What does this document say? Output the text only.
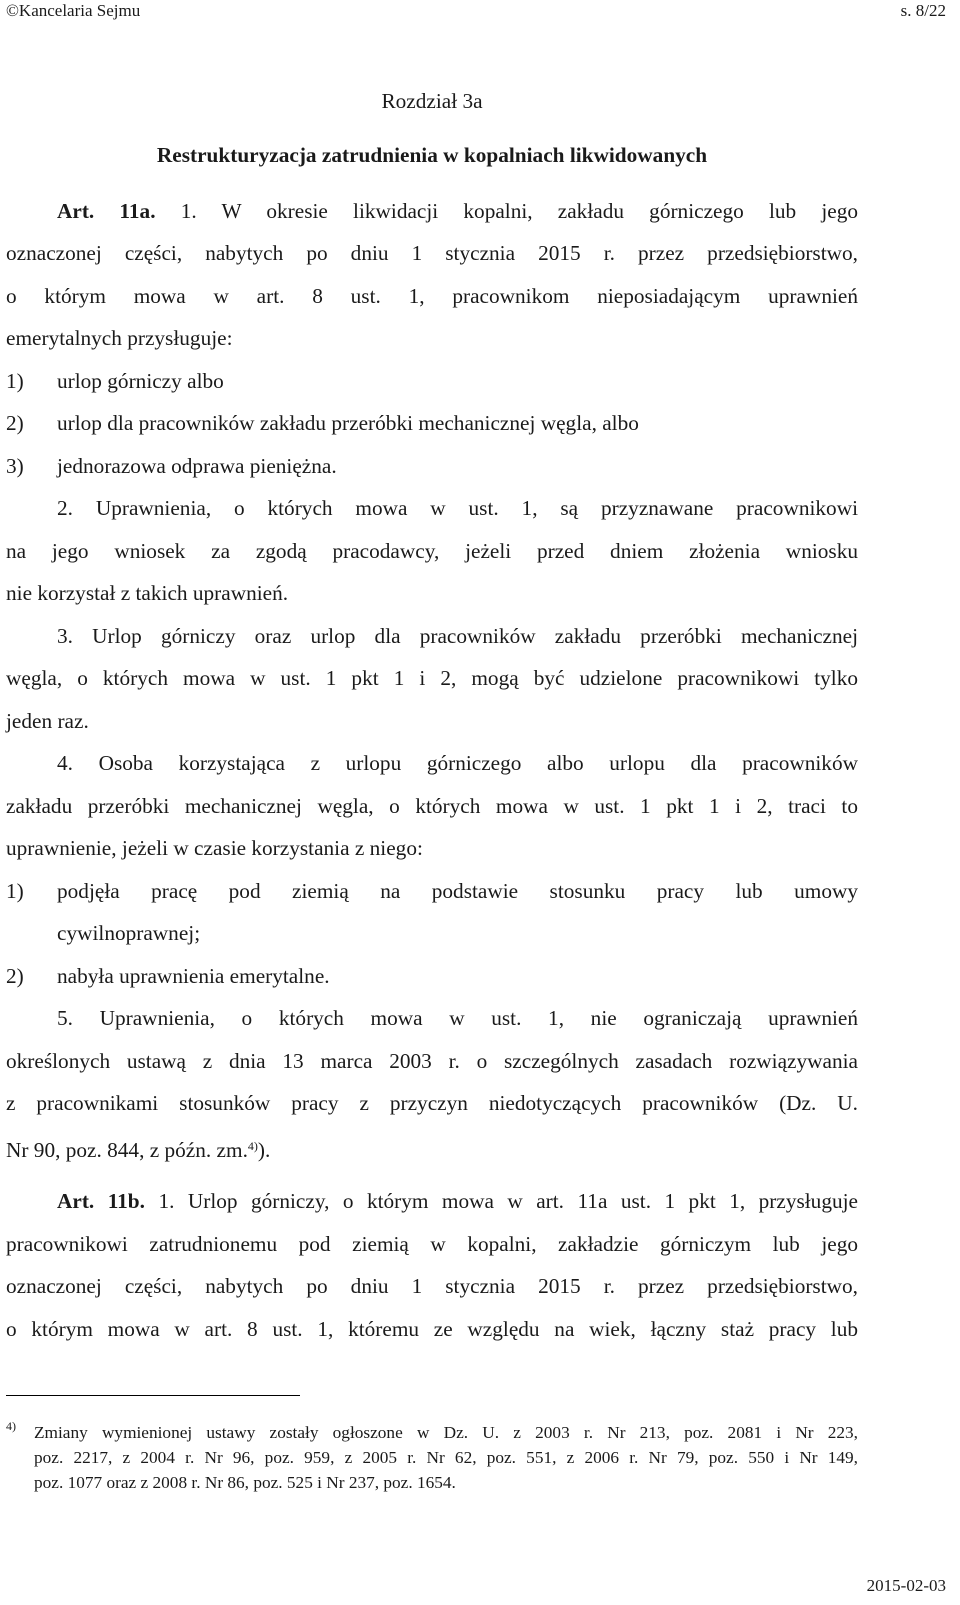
©Kancelaria Sejmu	s. 8/22
Rozdział 3a
Restrukturyzacja zatrudnienia w kopalniach likwidowanych
Art. 11a. 1. W okresie likwidacji kopalni, zakładu górniczego lub jego
oznaczonej części, nabytych po dniu 1 stycznia 2015 r. przez przedsiębiorstwo,
o którym mowa w art. 8 ust. 1, pracownikom nieposiadającym uprawnień
emerytalnych przysługuje:
1) urlop górniczy albo
2) urlop dla pracowników zakładu przeróbki mechanicznej węgla, albo
3) jednorazowa odprawa pieniężna.
2. Uprawnienia, o których mowa w ust. 1, są przyznawane pracownikowi
na jego wniosek za zgodą pracodawcy, jeżeli przed dniem złożenia wniosku
nie korzystał z takich uprawnień.
3. Urlop górniczy oraz urlop dla pracowników zakładu przeróbki mechanicznej
węgla, o których mowa w ust. 1 pkt 1 i 2, mogą być udzielone pracownikowi tylko
jeden raz.
4. Osoba korzystająca z urlopu górniczego albo urlopu dla pracowników
zakładu przeróbki mechanicznej węgla, o których mowa w ust. 1 pkt 1 i 2, traci to
uprawnienie, jeżeli w czasie korzystania z niego:
1) podjęła pracę pod ziemią na podstawie stosunku pracy lub umowy
cywilnoprawnej;
2) nabyła uprawnienia emerytalne.
5. Uprawnienia, o których mowa w ust. 1, nie ograniczają uprawnień
określonych ustawą z dnia 13 marca 2003 r. o szczególnych zasadach rozwiązywania
z pracownikami stosunków pracy z przyczyn niedotyczących pracowników (Dz. U.
Nr 90, poz. 844, z późn. zm.$^{4)}$).
Art. 11b. 1. Urlop górniczy, o którym mowa w art. 11a ust. 1 pkt 1, przysługuje
pracownikowi zatrudnionemu pod ziemią w kopalni, zakładzie górniczym lub jego
oznaczonej części, nabytych po dniu 1 stycznia 2015 r. przez przedsiębiorstwo,
o którym mowa w art. 8 ust. 1, któremu ze względu na wiek, łączny staż pracy lub
4) Zmiany wymienionej ustawy zostały ogłoszone w Dz. U. z 2003 r. Nr 213, poz. 2081 i Nr 223,
poz. 2217, z 2004 r. Nr 96, poz. 959, z 2005 r. Nr 62, poz. 551, z 2006 r. Nr 79, poz. 550 i Nr 149,
poz. 1077 oraz z 2008 r. Nr 86, poz. 525 i Nr 237, poz. 1654.
2015-02-03
